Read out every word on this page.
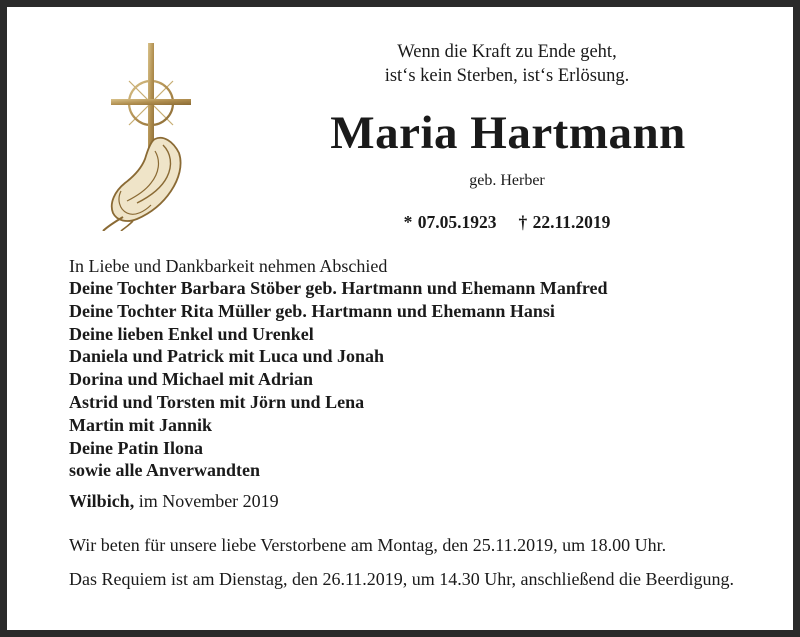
Wenn die Kraft zu Ende geht,
ist‘s kein Sterben, ist‘s Erlösung.
Maria Hartmann
geb. Herber
* 07.05.1923 † 22.11.2019
In Liebe und Dankbarkeit nehmen Abschied
Deine Tochter Barbara Stöber geb. Hartmann und Ehemann Manfred
Deine Tochter Rita Müller geb. Hartmann und Ehemann Hansi
Deine lieben Enkel und Urenkel
Daniela und Patrick mit Luca und Jonah
Dorina und Michael mit Adrian
Astrid und Torsten mit Jörn und Lena
Martin mit Jannik
Deine Patin Ilona
sowie alle Anverwandten
Wilbich, im November 2019
Wir beten für unsere liebe Verstorbene am Montag, den 25.11.2019, um 18.00 Uhr.
Das Requiem ist am Dienstag, den 26.11.2019, um 14.30 Uhr, anschließend die Beerdigung.
